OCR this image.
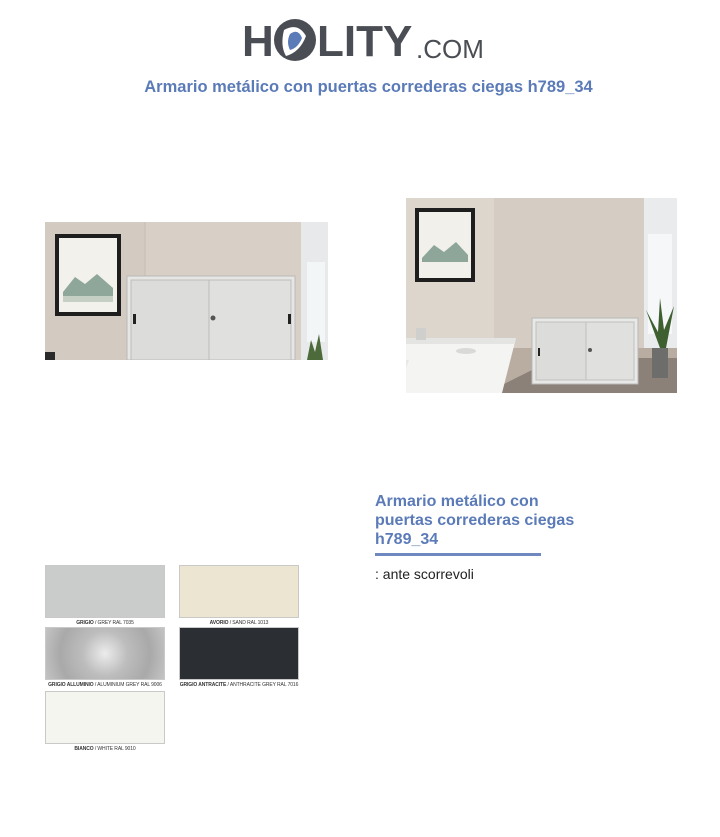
H LITY .COM
Armario metálico con puertas correderas ciegas h789_34
GRIGIO / GREY RAL 7035	AVORIO / SAND RAL 1013
GRIGIO ALLUMINIO / ALUMINIUM GREY RAL 9006	GRIGIO ANTRACITE / ANTHRACITE GREY RAL 7016
BIANCO / WHITE RAL 9010
Armario metálico con puertas correderas ciegas h789_34
: ante scorrevoli
